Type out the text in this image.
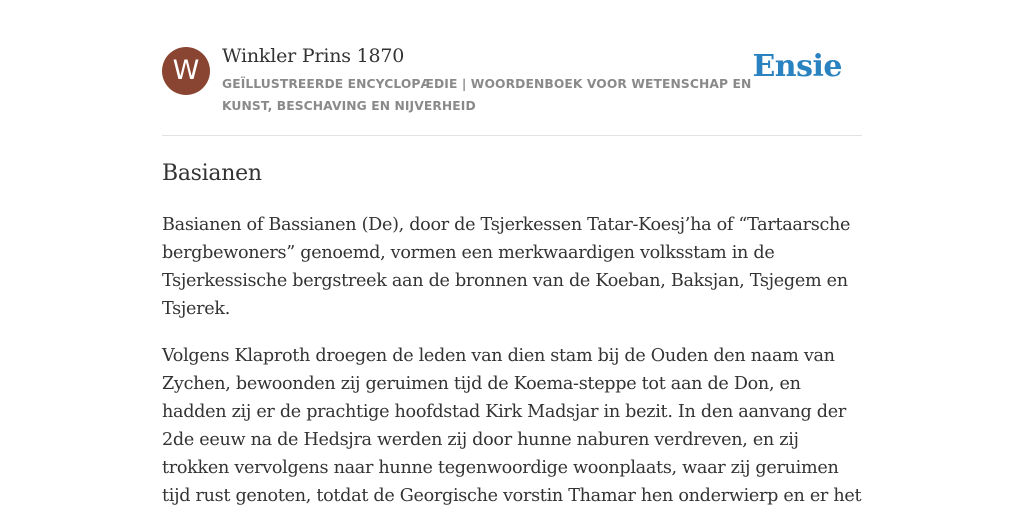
W	Winkler Prins 1870
GEÏLLUSTREERDE ENCYCLOPÆDIE | WOORDENBOEK VOOR WETENSCHAP EN KUNST, BESCHAVING EN NIJVERHEID
Ensie
Basianen

Basianen of Bassianen (De), door de Tsjerkessen Tatar-Koesj’ha of “Tartaarsche bergbewoners” genoemd, vormen een merkwaardigen volksstam in de Tsjerkessische bergstreek aan de bronnen van de Koeban, Baksjan, Tsjegem en Tsjerek.

Volgens Klaproth droegen de leden van dien stam bij de Ouden den naam van Zychen, bewoonden zij geruimen tijd de Koema-steppe tot aan de Don, en hadden zij er de prachtige hoofdstad Kirk Madsjar in bezit. In den aanvang der 2de eeuw na de Hedsjra werden zij door hunne naburen verdreven, en zij trokken vervolgens naar hunne tegenwoordige woonplaats, waar zij geruimen tijd rust genoten, totdat de Georgische vorstin Thamar hen onderwierp en er het
